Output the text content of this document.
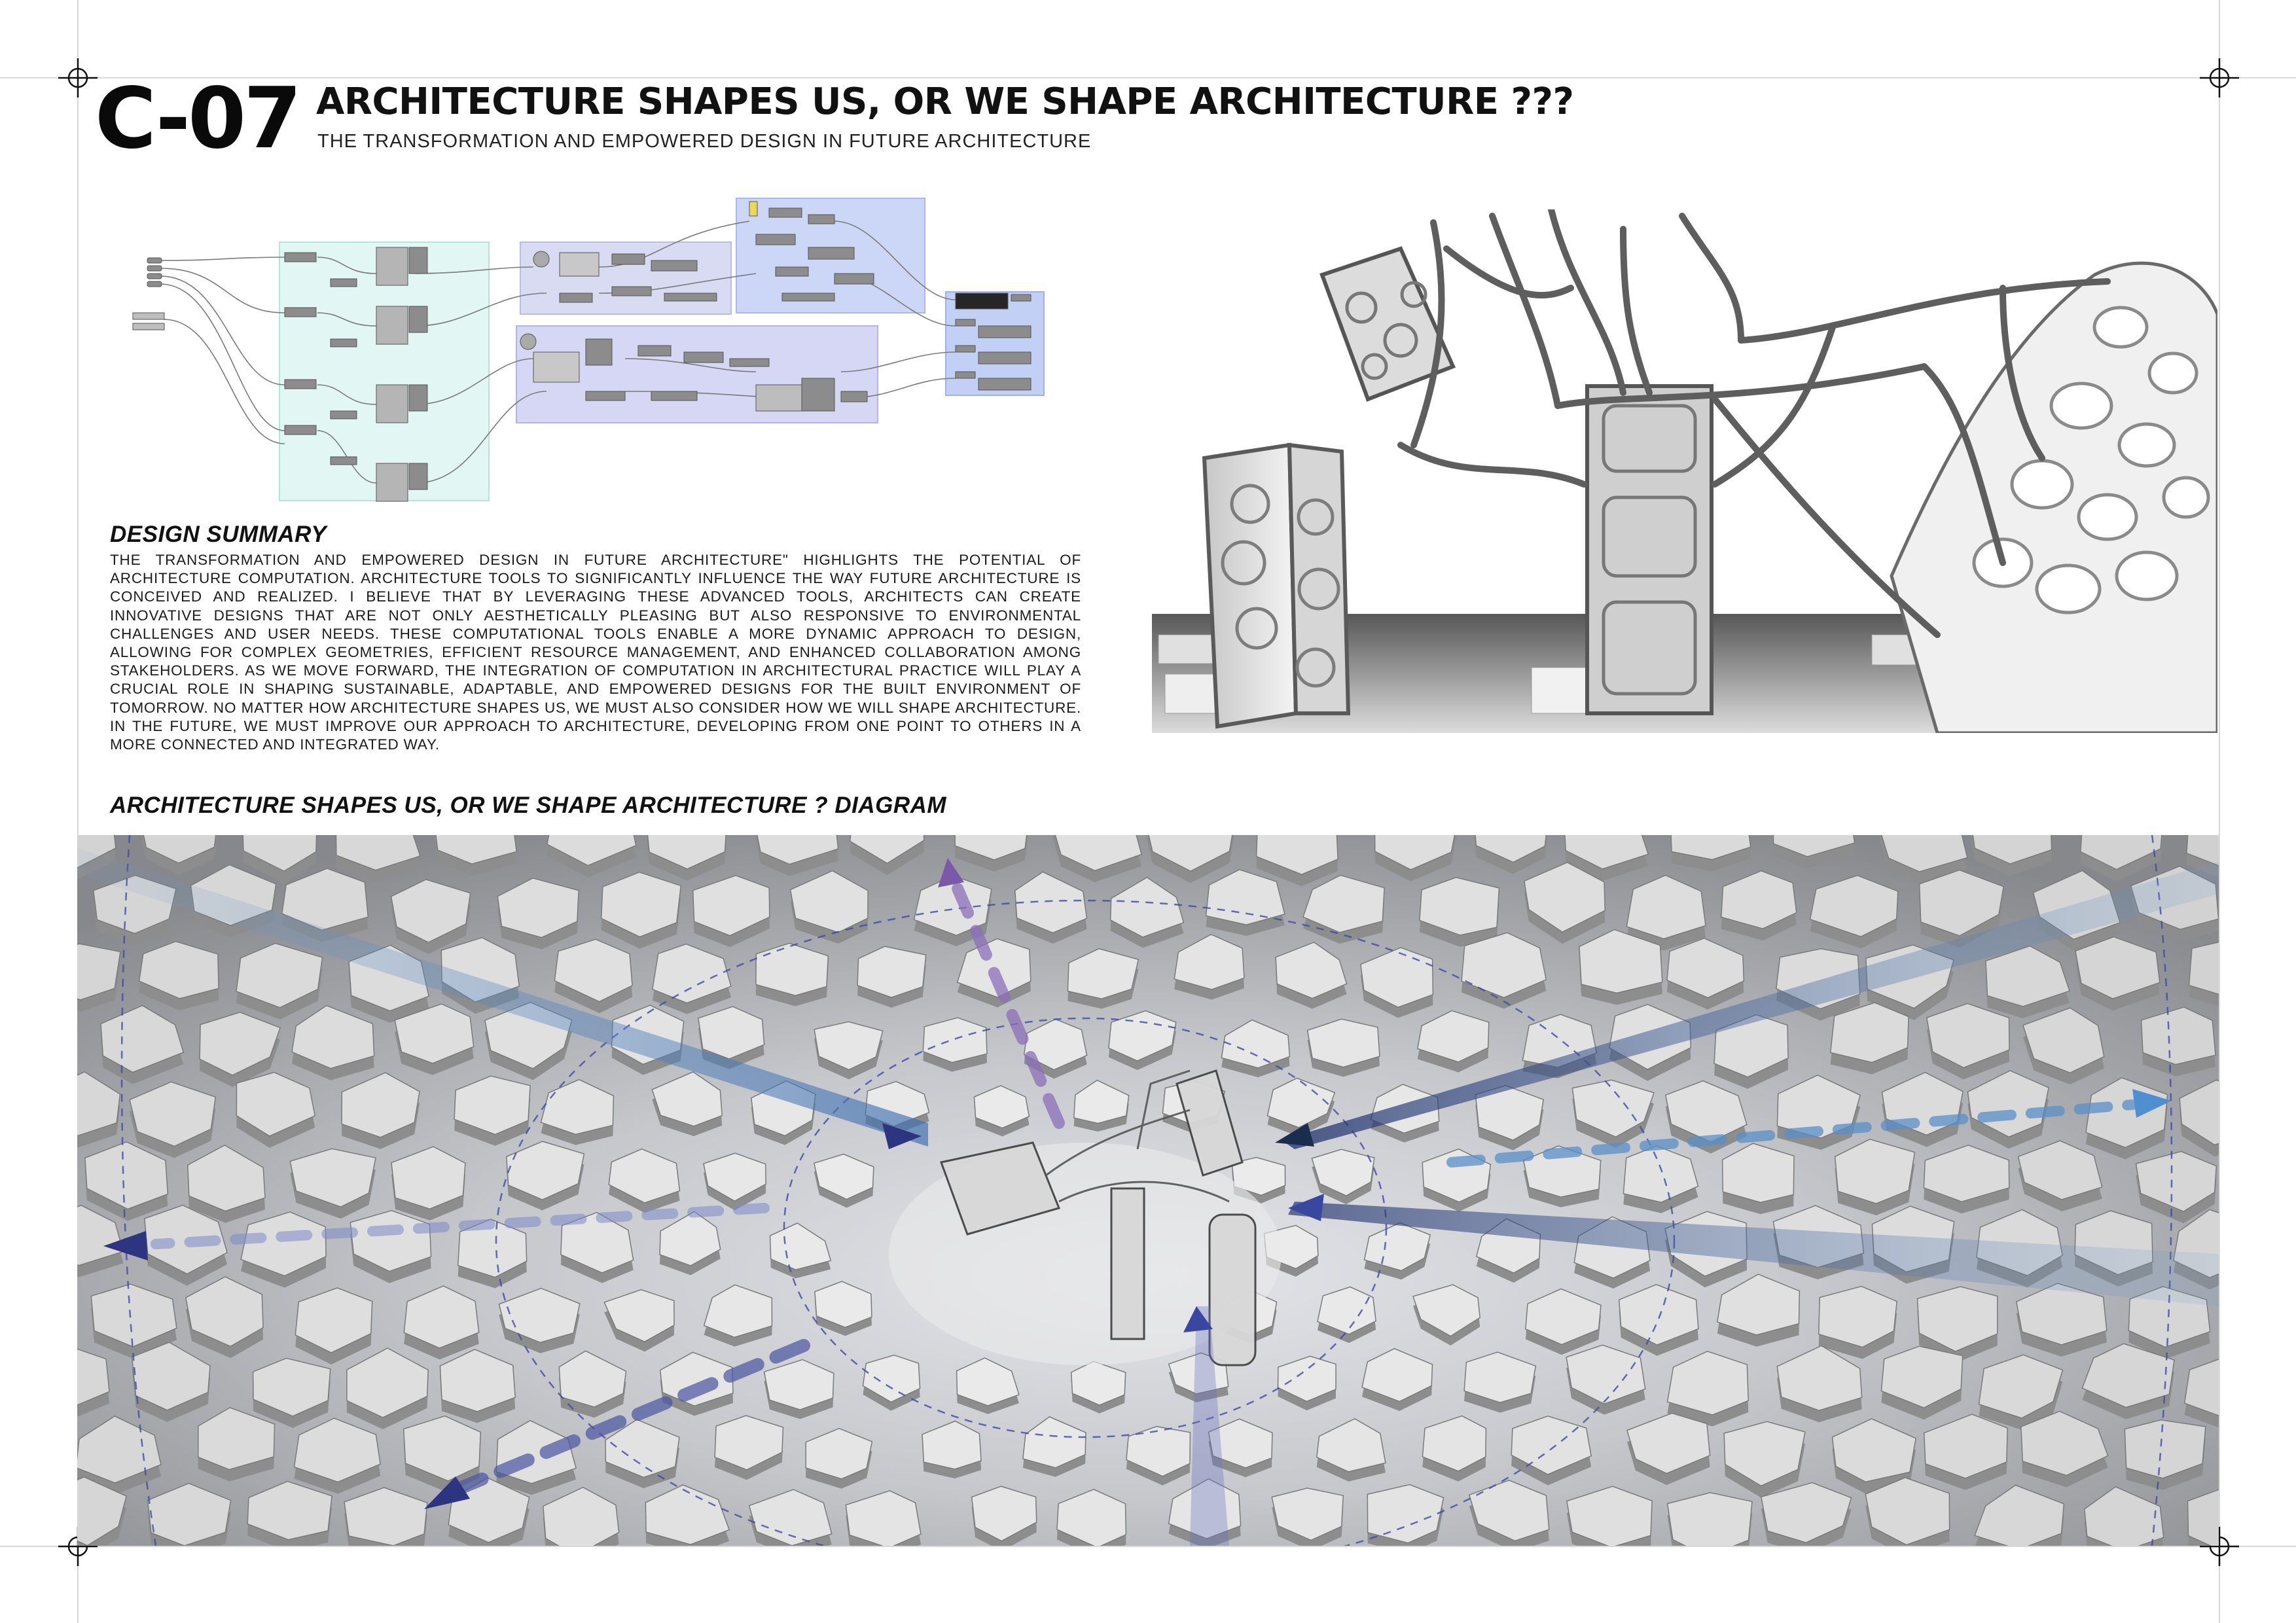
C-07 ARCHITECTURE SHAPES US, OR WE SHAPE ARCHITECTURE ???
THE TRANSFORMATION AND EMPOWERED DESIGN IN FUTURE ARCHITECTURE
DESIGN SUMMARY
THE TRANSFORMATION AND EMPOWERED DESIGN IN FUTURE ARCHITECTURE" HIGHLIGHTS THE POTENTIAL OF ARCHITECTURE COMPUTATION. ARCHITECTURE TOOLS TO SIGNIFICANTLY INFLUENCE THE WAY FUTURE ARCHITECTURE IS CONCEIVED AND REALIZED. I BELIEVE THAT BY LEVERAGING THESE ADVANCED TOOLS, ARCHITECTS CAN CREATE INNOVATIVE DESIGNS THAT ARE NOT ONLY AESTHETICALLY PLEASING BUT ALSO RESPONSIVE TO ENVIRONMENTAL CHALLENGES AND USER NEEDS. THESE COMPUTATIONAL TOOLS ENABLE A MORE DYNAMIC APPROACH TO DESIGN, ALLOWING FOR COMPLEX GEOMETRIES, EFFICIENT RESOURCE MANAGEMENT, AND ENHANCED COLLABORATION AMONG STAKEHOLDERS. AS WE MOVE FORWARD, THE INTEGRATION OF COMPUTATION IN ARCHITECTURAL PRACTICE WILL PLAY A CRUCIAL ROLE IN SHAPING SUSTAINABLE, ADAPTABLE, AND EMPOWERED DESIGNS FOR THE BUILT ENVIRONMENT OF TOMORROW. NO MATTER HOW ARCHITECTURE SHAPES US, WE MUST ALSO CONSIDER HOW WE WILL SHAPE ARCHITECTURE. IN THE FUTURE, WE MUST IMPROVE OUR APPROACH TO ARCHITECTURE, DEVELOPING FROM ONE POINT TO OTHERS IN A MORE CONNECTED AND INTEGRATED WAY.
ARCHITECTURE SHAPES US, OR WE SHAPE ARCHITECTURE ? DIAGRAM
